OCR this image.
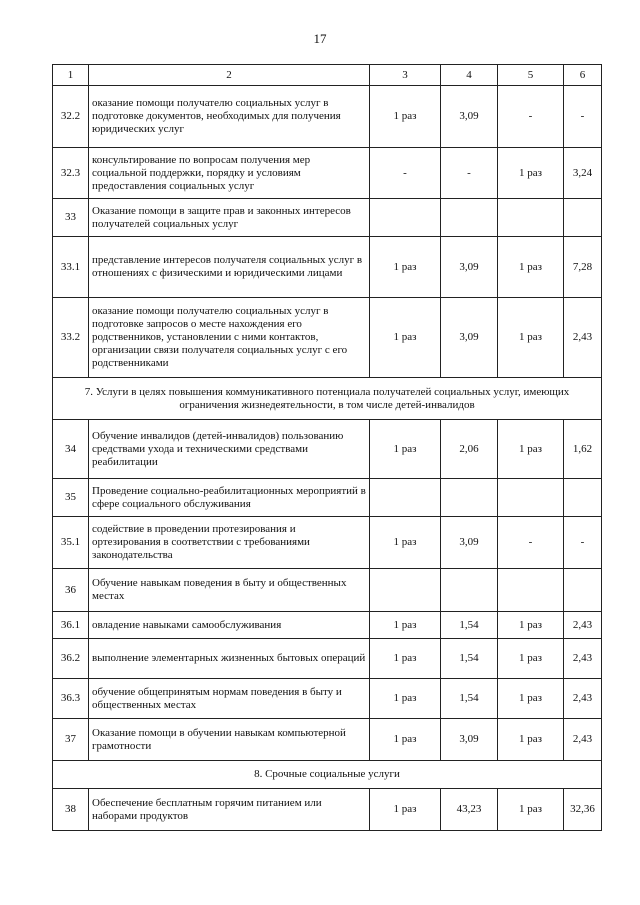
17
1	2	3	4	5	6
32.2	оказание помощи получателю социальных услуг в подготовке документов, необходимых для получения юридических услуг	1 раз	3,09	-	-
32.3	консультирование по вопросам получения мер социальной поддержки, порядку и условиям предоставления социальных услуг	-	-	1 раз	3,24
33	Оказание помощи в защите прав и законных интересов получателей социальных услуг				
33.1	представление интересов получателя социальных услуг в отношениях с физическими и юридическими лицами	1 раз	3,09	1 раз	7,28
33.2	оказание помощи получателю социальных услуг в подготовке запросов о месте нахождения его родственников, установлении с ними контактов, организации связи получателя социальных услуг с его родственниками	1 раз	3,09	1 раз	2,43
7. Услуги в целях повышения коммуникативного потенциала получателей социальных услуг, имеющих ограничения жизнедеятельности, в том числе детей-инвалидов					
34	Обучение инвалидов (детей-инвалидов) пользованию средствами ухода и техническими средствами реабилитации	1 раз	2,06	1 раз	1,62
35	Проведение социально-реабилитационных мероприятий в сфере социального обслуживания				
35.1	содействие в проведении протезирования и ортезирования в соответствии с требованиями законодательства	1 раз	3,09	-	-
36	Обучение навыкам поведения в быту и общественных местах				
36.1	овладение навыками самообслуживания	1 раз	1,54	1 раз	2,43
36.2	выполнение элементарных жизненных бытовых операций	1 раз	1,54	1 раз	2,43
36.3	обучение общепринятым нормам поведения в быту и общественных местах	1 раз	1,54	1 раз	2,43
37	Оказание помощи в обучении навыкам компьютерной грамотности	1 раз	3,09	1 раз	2,43
8. Срочные социальные услуги					
38	Обеспечение бесплатным горячим питанием или наборами продуктов	1 раз	43,23	1 раз	32,36
